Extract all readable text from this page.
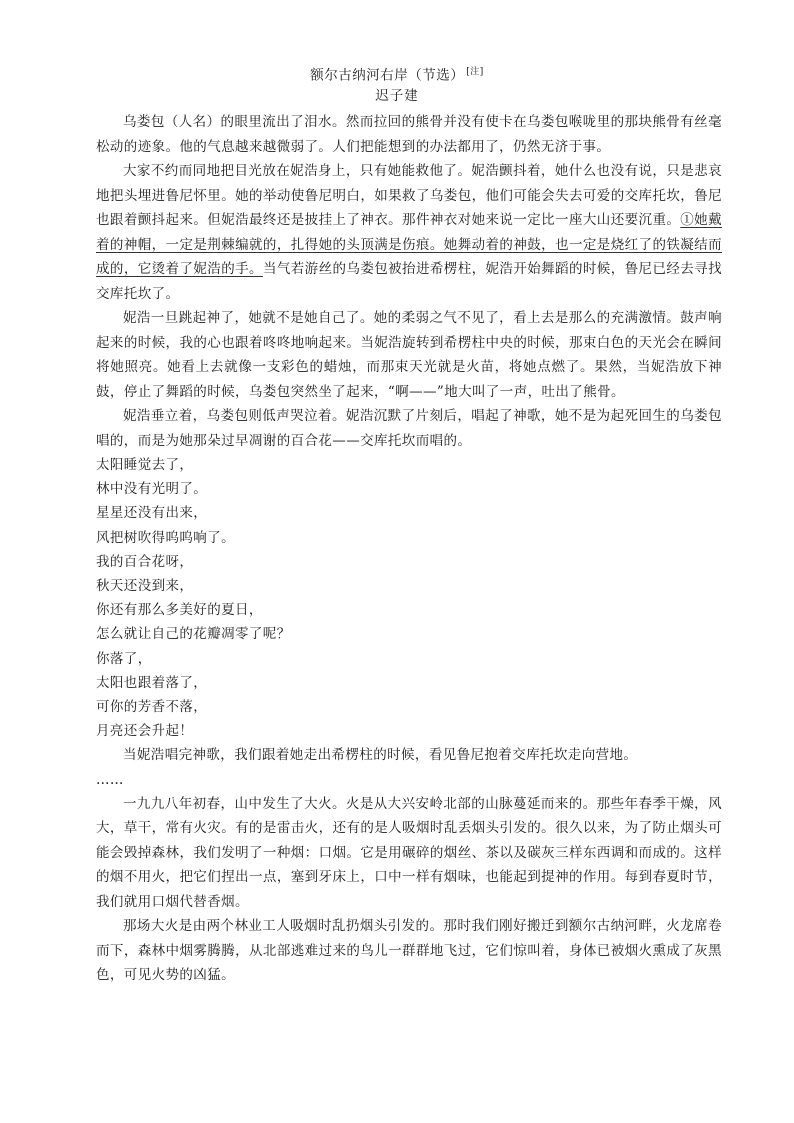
额尔古纳河右岸（节选） [注]
迟子建

乌娄包（人名）的眼里流出了泪水。然而拉回的熊骨并没有使卡在乌娄包喉咙里的那块熊骨有丝毫松动的迹象。他的气息越来越微弱了。人们把能想到的办法都用了，仍然无济于事。

大家不约而同地把目光放在妮浩身上，只有她能救他了。妮浩颤抖着，她什么也没有说，只是悲哀地把头埋进鲁尼怀里。她的举动使鲁尼明白，如果救了乌娄包，他们可能会失去可爱的交库托坎，鲁尼也跟着颤抖起来。但妮浩最终还是披挂上了神衣。那件神衣对她来说一定比一座大山还要沉重。①她戴着的神帽，一定是荆棘编就的，扎得她的头顶满是伤痕。她舞动着的神鼓，也一定是烧红了的铁凝结而成的，它烫着了妮浩的手。当气若游丝的乌娄包被抬进希楞柱，妮浩开始舞蹈的时候，鲁尼已经去寻找交库托坎了。

妮浩一旦跳起神了，她就不是她自己了。她的柔弱之气不见了，看上去是那么的充满激情。鼓声响起来的时候，我的心也跟着咚咚地响起来。当妮浩旋转到希楞柱中央的时候，那束白色的天光会在瞬间将她照亮。她看上去就像一支彩色的蜡烛，而那束天光就是火苗，将她点燃了。果然，当妮浩放下神鼓，停止了舞蹈的时候，乌娄包突然坐了起来，“啊——”地大叫了一声，吐出了熊骨。

妮浩垂立着，乌娄包则低声哭泣着。妮浩沉默了片刻后，唱起了神歌，她不是为起死回生的乌娄包唱的，而是为她那朵过早凋谢的百合花——交库托坎而唱的。

太阳睡觉去了，

林中没有光明了。

星星还没有出来，

风把树吹得呜呜响了。

我的百合花呀，

秋天还没到来，

你还有那么多美好的夏日，

怎么就让自己的花瓣凋零了呢？

你落了，

太阳也跟着落了，

可你的芳香不落，

月亮还会升起！

当妮浩唱完神歌，我们跟着她走出希楞柱的时候，看见鲁尼抱着交库托坎走向营地。

……

一九九八年初春，山中发生了大火。火是从大兴安岭北部的山脉蔓延而来的。那些年春季干燥，风大，草干，常有火灾。有的是雷击火，还有的是人吸烟时乱丢烟头引发的。很久以来，为了防止烟头可能会毁掉森林，我们发明了一种烟：口烟。它是用碾碎的烟丝、茶以及碳灰三样东西调和而成的。这样的烟不用火，把它们捏出一点，塞到牙床上，口中一样有烟味，也能起到提神的作用。每到春夏时节，我们就用口烟代替香烟。

那场大火是由两个林业工人吸烟时乱扔烟头引发的。那时我们刚好搬迁到额尔古纳河畔，火龙席卷而下，森林中烟雾腾腾，从北部逃难过来的鸟儿一群群地飞过，它们惊叫着，身体已被烟火熏成了灰黑色，可见火势的凶猛。
